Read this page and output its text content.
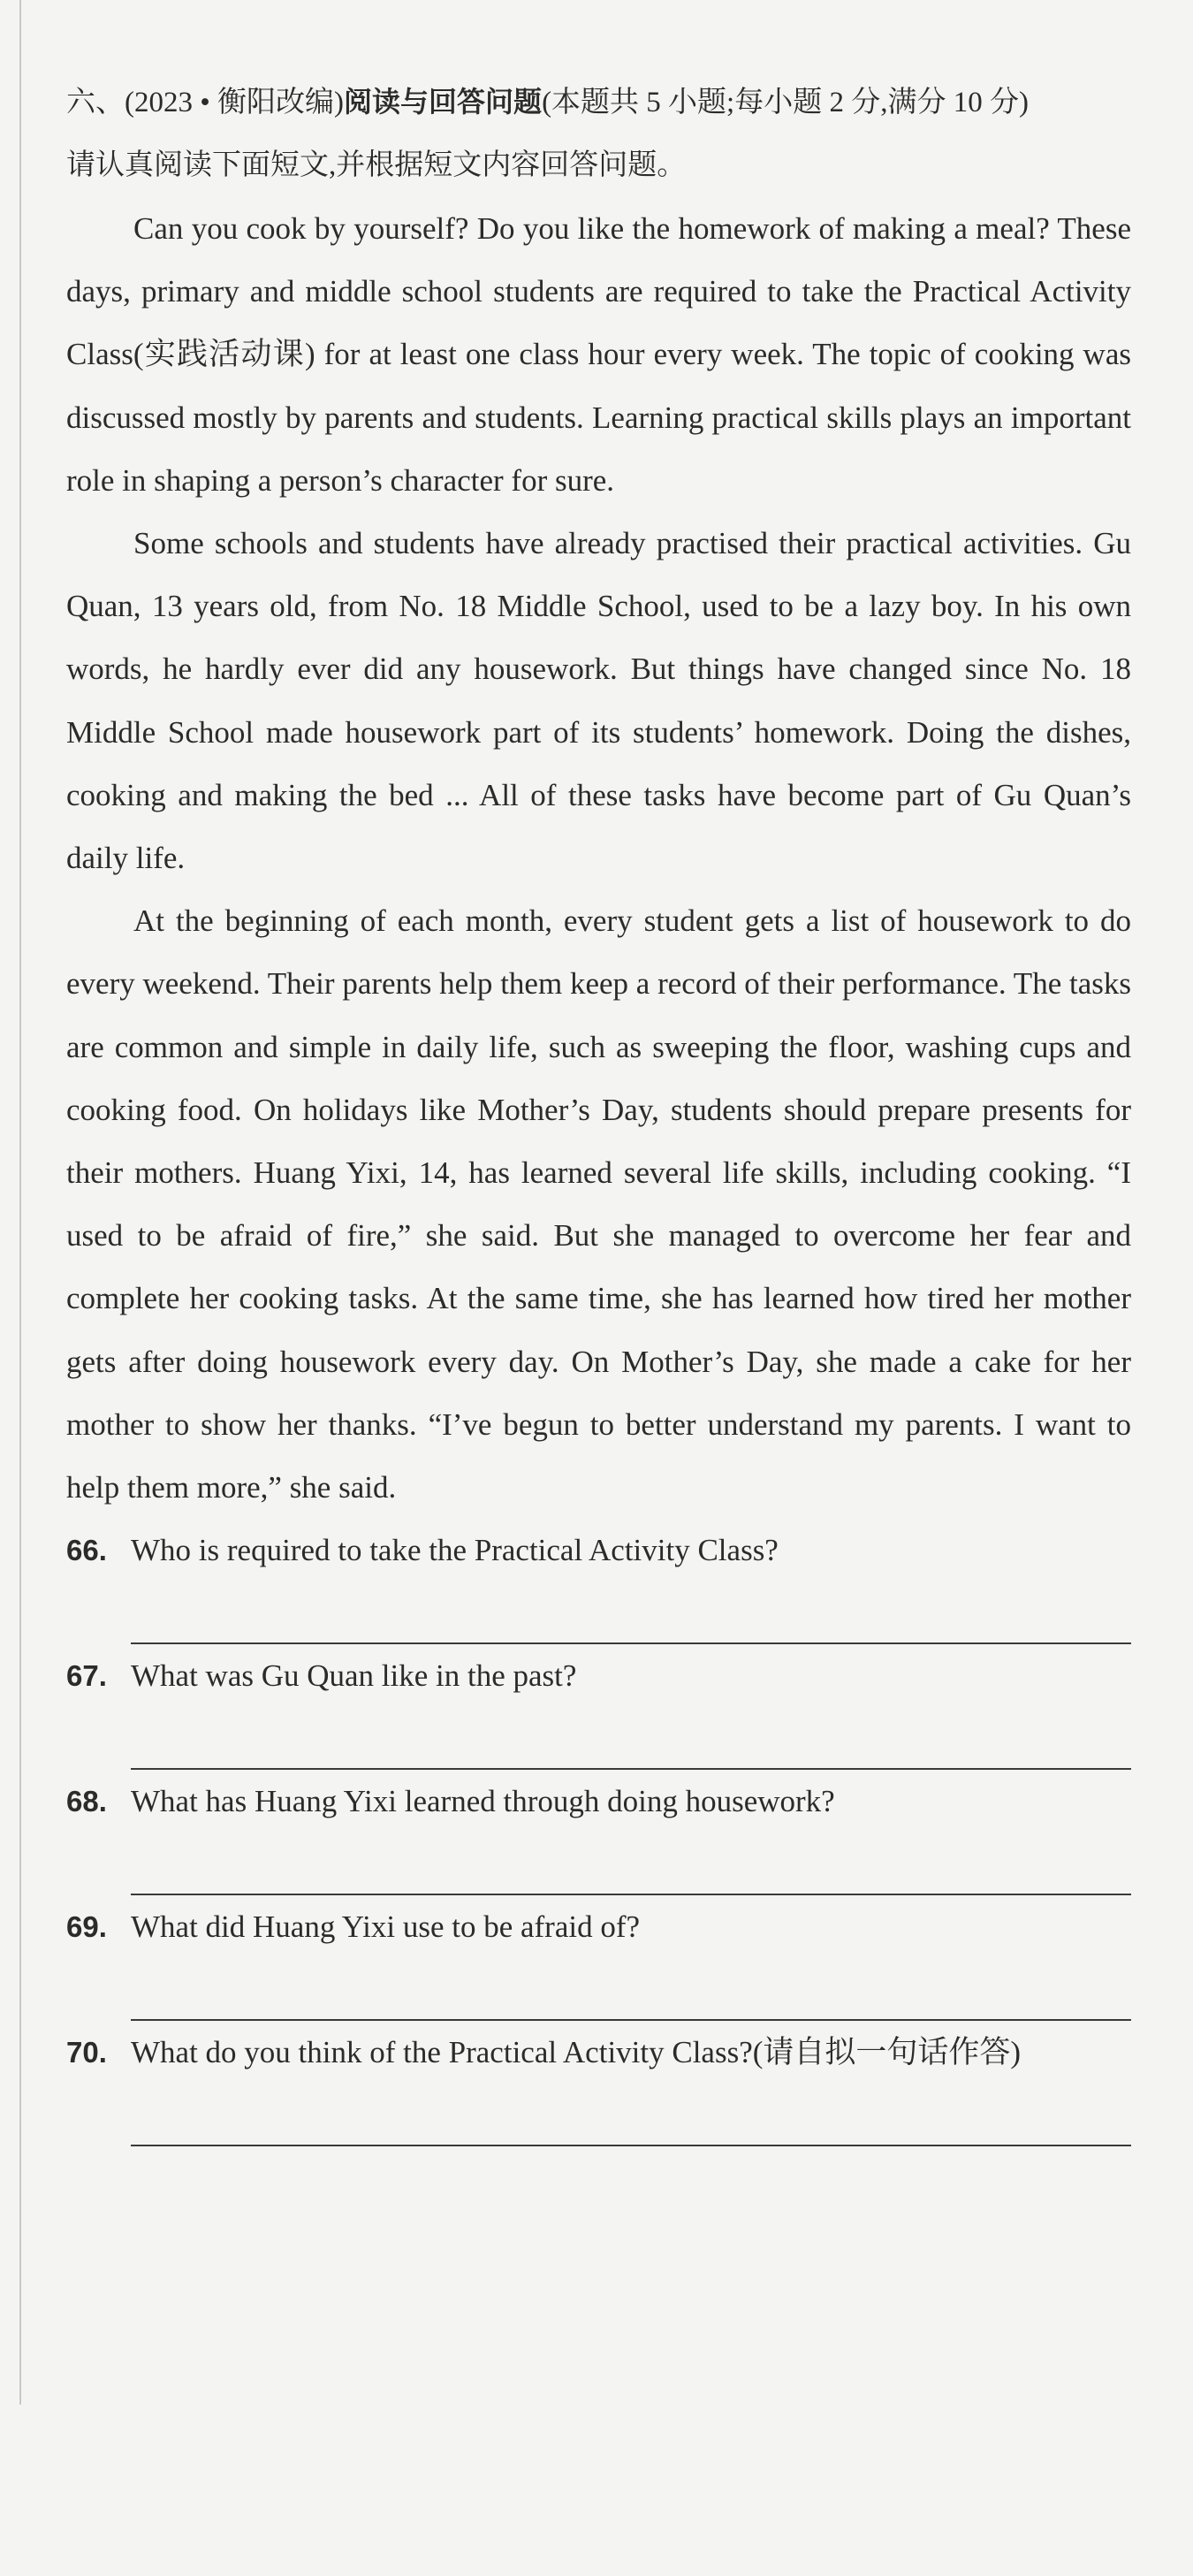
六、(2023 • 衡阳改编)阅读与回答问题(本题共 5 小题;每小题 2 分,满分 10 分)

请认真阅读下面短文,并根据短文内容回答问题。

Can you cook by yourself? Do you like the homework of making a meal? These days, primary and middle school students are required to take the Practical Activity Class(实践活动课) for at least one class hour every week. The topic of cooking was discussed mostly by parents and students. Learning practical skills plays an important role in shaping a person’s character for sure.

Some schools and students have already practised their practical activities. Gu Quan, 13 years old, from No. 18 Middle School, used to be a lazy boy. In his own words, he hardly ever did any housework. But things have changed since No. 18 Middle School made housework part of its students’ homework. Doing the dishes, cooking and making the bed ... All of these tasks have become part of Gu Quan’s daily life.

At the beginning of each month, every student gets a list of housework to do every weekend. Their parents help them keep a record of their performance. The tasks are common and simple in daily life, such as sweeping the floor, washing cups and cooking food. On holidays like Mother’s Day, students should prepare presents for their mothers. Huang Yixi, 14, has learned several life skills, including cooking. “I used to be afraid of fire,” she said. But she managed to overcome her fear and complete her cooking tasks. At the same time, she has learned how tired her mother gets after doing housework every day. On Mother’s Day, she made a cake for her mother to show her thanks. “I’ve begun to better understand my parents. I want to help them more,” she said.

66. Who is required to take the Practical Activity Class?

67. What was Gu Quan like in the past?

68. What has Huang Yixi learned through doing housework?

69. What did Huang Yixi use to be afraid of?

70. What do you think of the Practical Activity Class?(请自拟一句话作答)
